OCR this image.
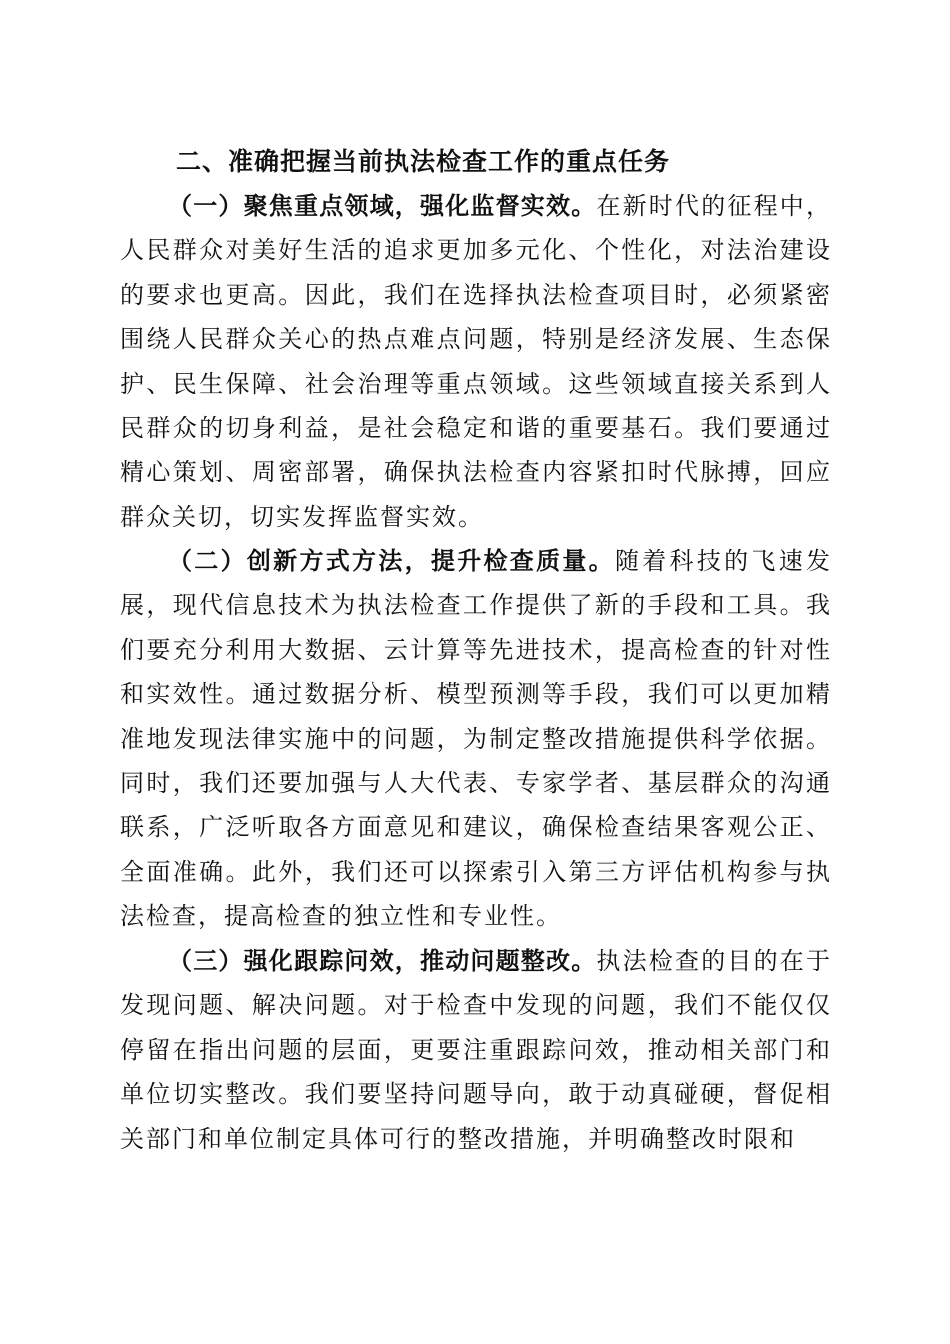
二、准确把握当前执法检查工作的重点任务

（一）聚焦重点领域，强化监督实效。在新时代的征程中，人民群众对美好生活的追求更加多元化、个性化，对法治建设的要求也更高。因此，我们在选择执法检查项目时，必须紧密围绕人民群众关心的热点难点问题，特别是经济发展、生态保护、民生保障、社会治理等重点领域。这些领域直接关系到人民群众的切身利益，是社会稳定和谐的重要基石。我们要通过精心策划、周密部署，确保执法检查内容紧扣时代脉搏，回应群众关切，切实发挥监督实效。

（二）创新方式方法，提升检查质量。随着科技的飞速发展，现代信息技术为执法检查工作提供了新的手段和工具。我们要充分利用大数据、云计算等先进技术，提高检查的针对性和实效性。通过数据分析、模型预测等手段，我们可以更加精准地发现法律实施中的问题，为制定整改措施提供科学依据。同时，我们还要加强与人大代表、专家学者、基层群众的沟通联系，广泛听取各方面意见和建议，确保检查结果客观公正、全面准确。此外，我们还可以探索引入第三方评估机构参与执法检查，提高检查的独立性和专业性。

（三）强化跟踪问效，推动问题整改。执法检查的目的在于发现问题、解决问题。对于检查中发现的问题，我们不能仅仅停留在指出问题的层面，更要注重跟踪问效，推动相关部门和单位切实整改。我们要坚持问题导向，敢于动真碰硬，督促相关部门和单位制定具体可行的整改措施，并明确整改时限和
